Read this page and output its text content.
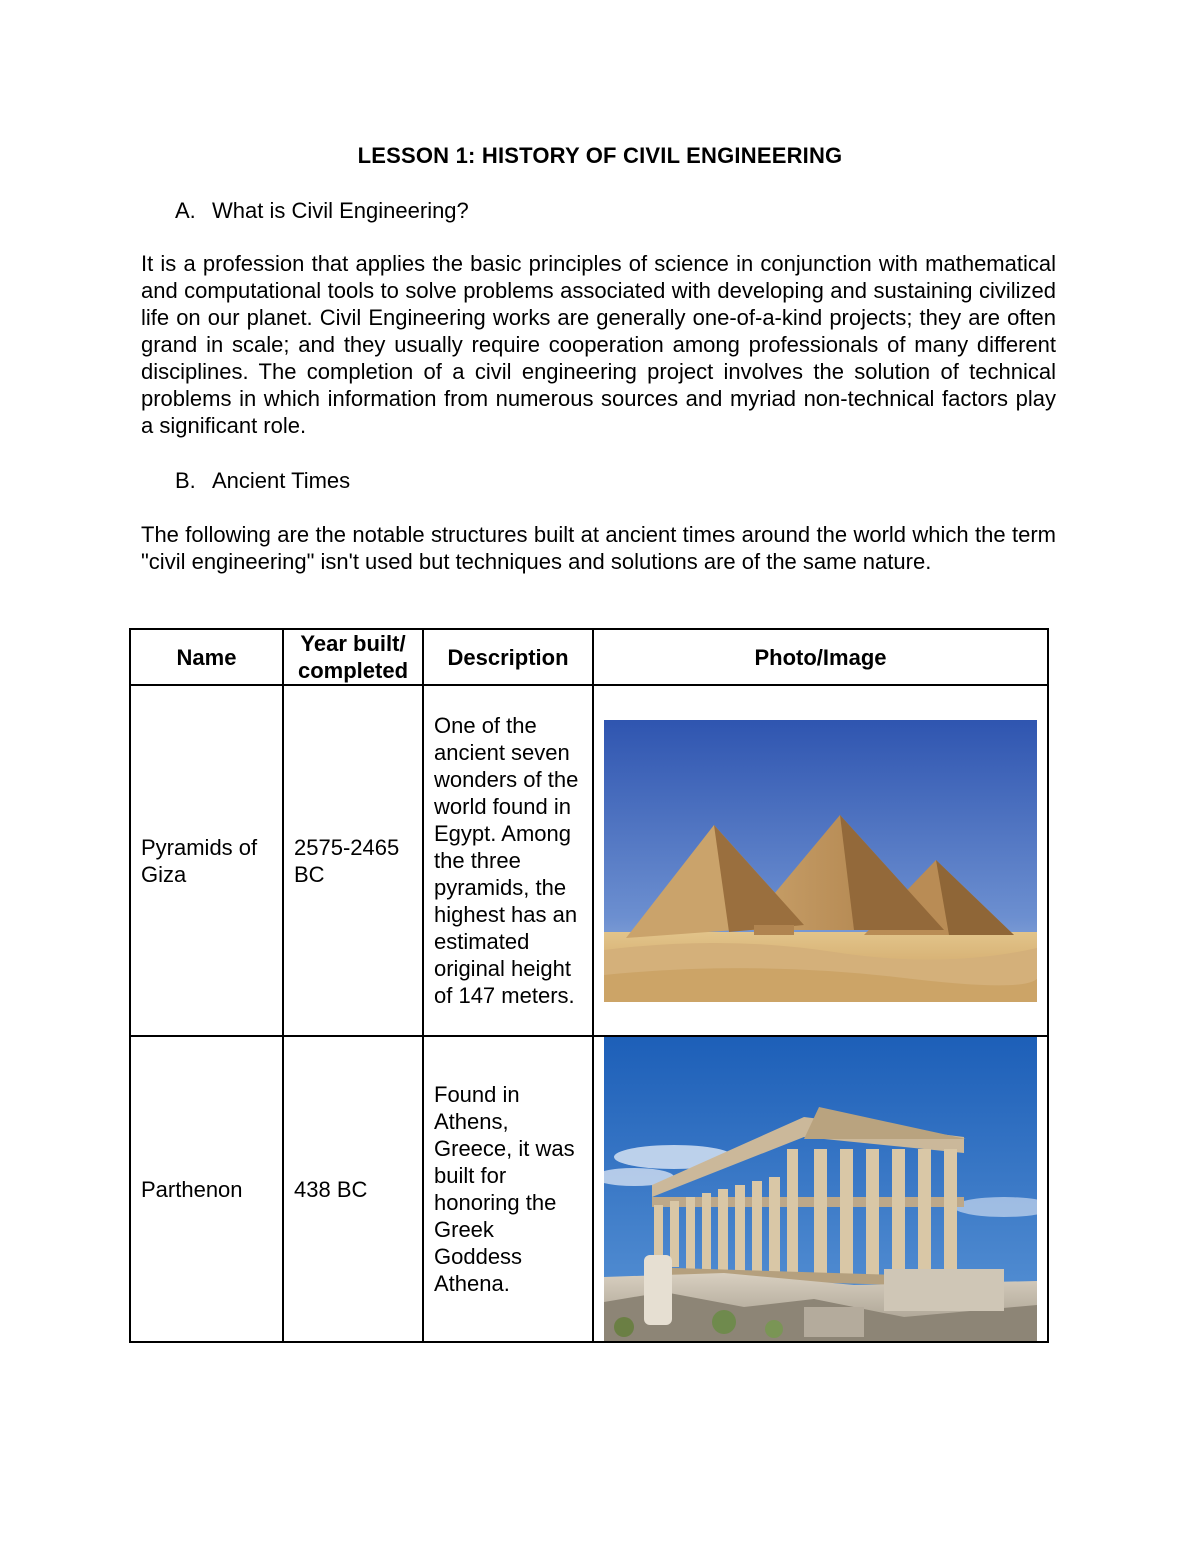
LESSON 1: HISTORY OF CIVIL ENGINEERING
A. What is Civil Engineering?

It is a profession that applies the basic principles of science in conjunction with mathematical and computational tools to solve problems associated with developing and sustaining civilized life on our planet. Civil Engineering works are generally one-of-a-kind projects; they are often grand in scale; and they usually require cooperation among professionals of many different disciplines. The completion of a civil engineering project involves the solution of technical problems in which information from numerous sources and myriad non-technical factors play a significant role.

B. Ancient Times

The following are the notable structures built at ancient times around the world which the term "civil engineering" isn't used but techniques and solutions are of the same nature.

Name	Year built/ completed	Description	Photo/Image
Pyramids of Giza	2575-2465 BC	One of the ancient seven wonders of the world found in Egypt. Among the three pyramids, the highest has an estimated original height of 147 meters.	

Parthenon	438 BC	Found in Athens, Greece, it was built for honoring the Greek Goddess Athena.	
